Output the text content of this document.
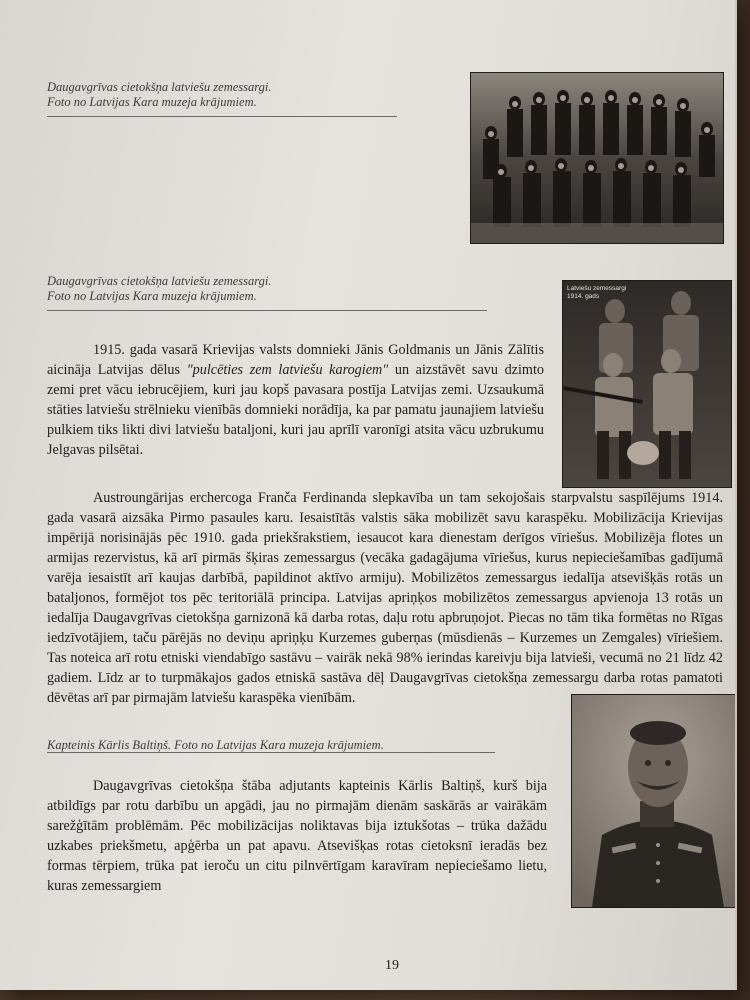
Daugavgrīvas cietokšņa latviešu zemessargi.
Foto no Latvijas Kara muzeja krājumiem.

Daugavgrīvas cietokšņa latviešu zemessargi.
Foto no Latvijas Kara muzeja krājumiem.

Latviešu zemessargi 1914. gads

1915. gada vasarā Krievijas valsts domnieki Jānis Goldmanis un Jānis Zālītis aicināja Latvijas dēlus "pulcēties zem latviešu karogiem" un aizstāvēt savu dzimto zemi pret vācu iebrucējiem, kuri jau kopš pavasara postīja Latvijas zemi. Uzsaukumā stāties latviešu strēlnieku vienībās domnieki norādīja, ka par pamatu jaunajiem latviešu pulkiem tiks likti divi latviešu bataljoni, kuri jau aprīlī varonīgi atsita vācu uzbrukumu Jelgavas pilsētai.

Austroungārijas erchercoga Franča Ferdinanda slepkavība un tam sekojošais starpvalstu saspīlējums 1914. gada vasarā aizsāka Pirmo pasaules karu. Iesaistītās valstis sāka mobilizēt savu karaspēku. Mobilizācija Krievijas impērijā norisinājās pēc 1910. gada priekšrakstiem, iesaucot kara dienestam derīgos vīriešus. Mobilizēja flotes un armijas rezervistus, kā arī pirmās šķiras zemessargus (vecāka gadagājuma vīriešus, kurus nepieciešamības gadījumā varēja iesaistīt arī kaujas darbībā, papildinot aktīvo armiju). Mobilizētos zemessargus iedalīja atsevišķās rotās un bataljonos, formējot tos pēc teritoriālā principa. Latvijas apriņķos mobilizētos zemessargus apvienoja 13 rotās un iedalīja Daugavgrīvas cietokšņa garnizonā kā darba rotas, daļu rotu apbruņojot. Piecas no tām tika formētas no Rīgas iedzīvotājiem, taču pārējās no deviņu apriņķu Kurzemes guberņas (mūsdienās – Kurzemes un Zemgales) vīriešiem. Tas noteica arī rotu etniski viendabīgo sastāvu – vairāk nekā 98% ierindas kareivju bija latvieši, vecumā no 21 līdz 42 gadiem. Līdz ar to turpmākajos gados etniskā sastāva dēļ Daugavgrīvas cietokšņa zemessargu darba rotas pamatoti dēvētas arī par pirmajām latviešu karaspēka vienībām.

Kapteinis Kārlis Baltiņš. Foto no Latvijas Kara muzeja krājumiem.

Daugavgrīvas cietokšņa štāba adjutants kapteinis Kārlis Baltiņš, kurš bija atbildīgs par rotu darbību un apgādi, jau no pirmajām dienām saskārās ar vairākām sarežģītām problēmām. Pēc mobilizācijas noliktavas bija iztukšotas – trūka dažādu uzkabes priekšmetu, apģērba un pat apavu. Atsevišķas rotas cietoksnī ieradās bez formas tērpiem, trūka pat ieroču un citu pilnvērtīgam karavīram nepieciešamo lietu, kuras zemessargiem

19
